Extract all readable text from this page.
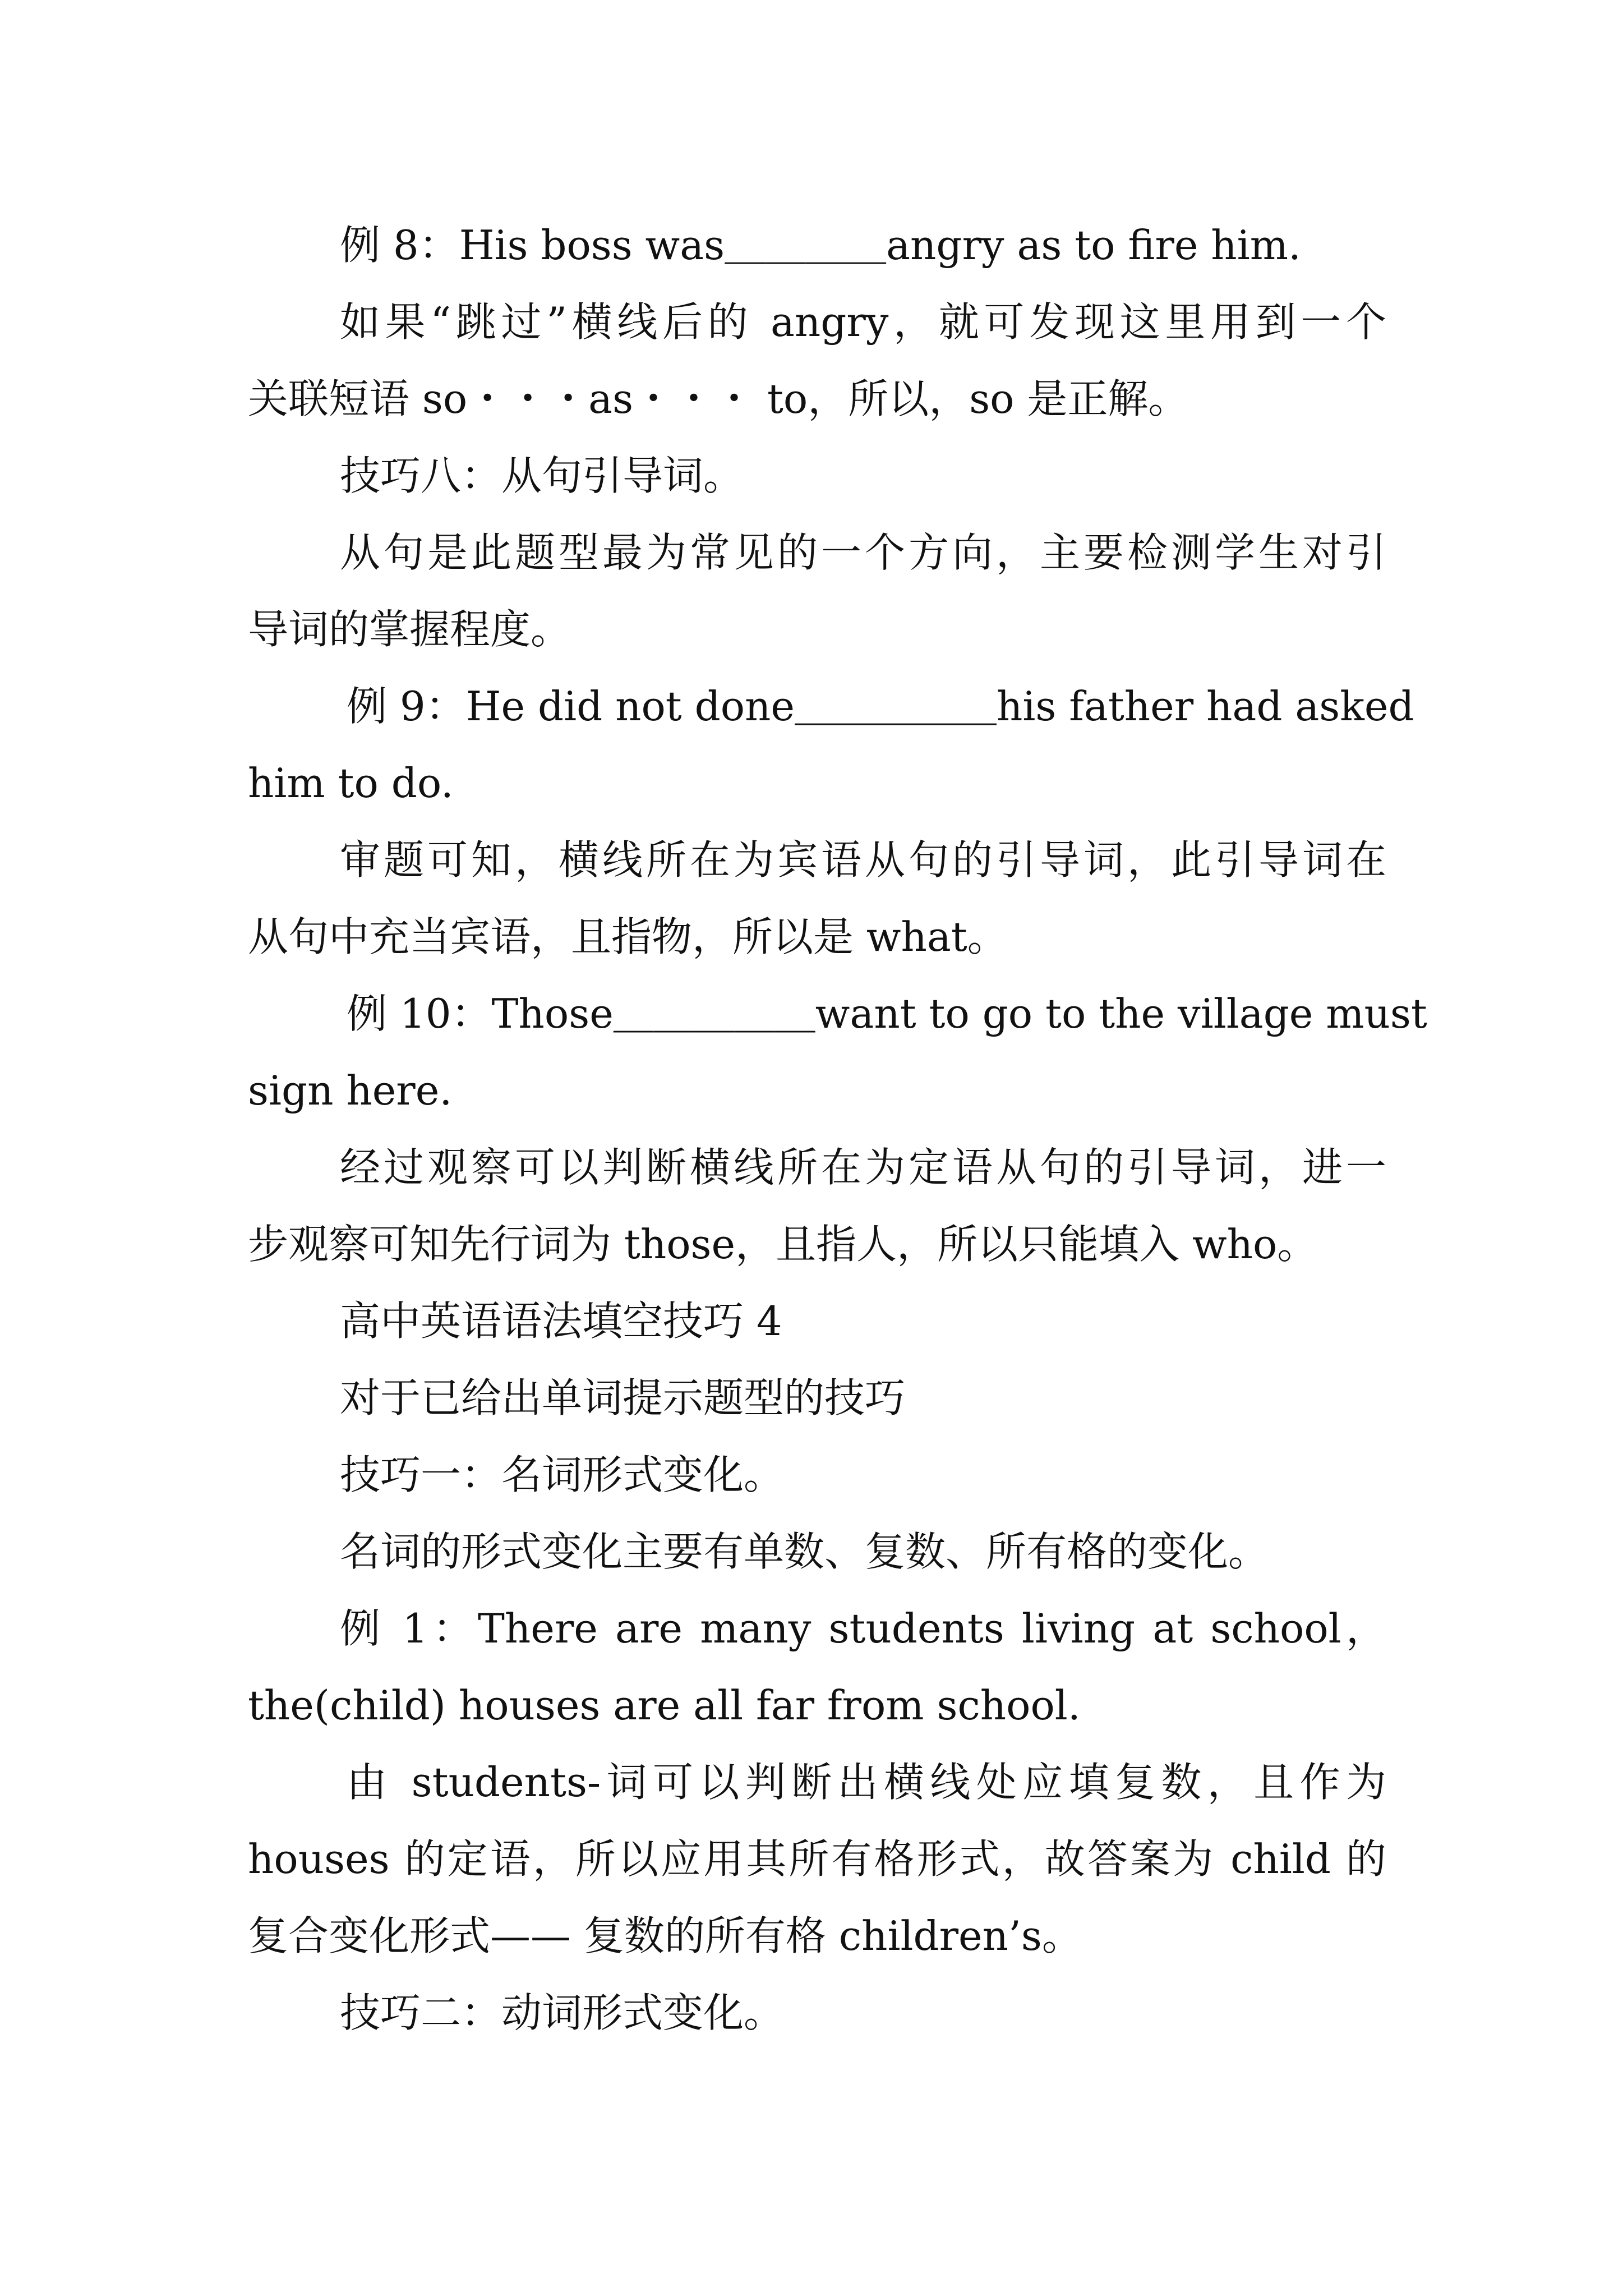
例 8：His boss was＿＿＿＿angry as to fire him.

如果“跳过”横线后的 angry，就可发现这里用到一个

关联短语 so・・・as・・・ to，所以，so 是正解。

技巧八：从句引导词。

从句是此题型最为常见的一个方向，主要检测学生对引

导词的掌握程度。

例 9：He did not done＿＿＿＿＿his father had asked

him to do.

审题可知，横线所在为宾语从句的引导词，此引导词在

从句中充当宾语，且指物，所以是 what。

例 10：Those＿＿＿＿＿want to go to the village must

sign here.

经过观察可以判断横线所在为定语从句的引导词，进一

步观察可知先行词为 those，且指人，所以只能填入 who。

高中英语语法填空技巧 4

对于已给出单词提示题型的技巧

技巧一：名词形式变化。

名词的形式变化主要有单数、复数、所有格的变化。

例 1：There are many students living at school，

the(child) houses are all far from school.

由 students-词可以判断出横线处应填复数，且作为

houses 的定语，所以应用其所有格形式，故答案为 child 的

复合变化形式—— 复数的所有格 children’s。

技巧二：动词形式变化。
